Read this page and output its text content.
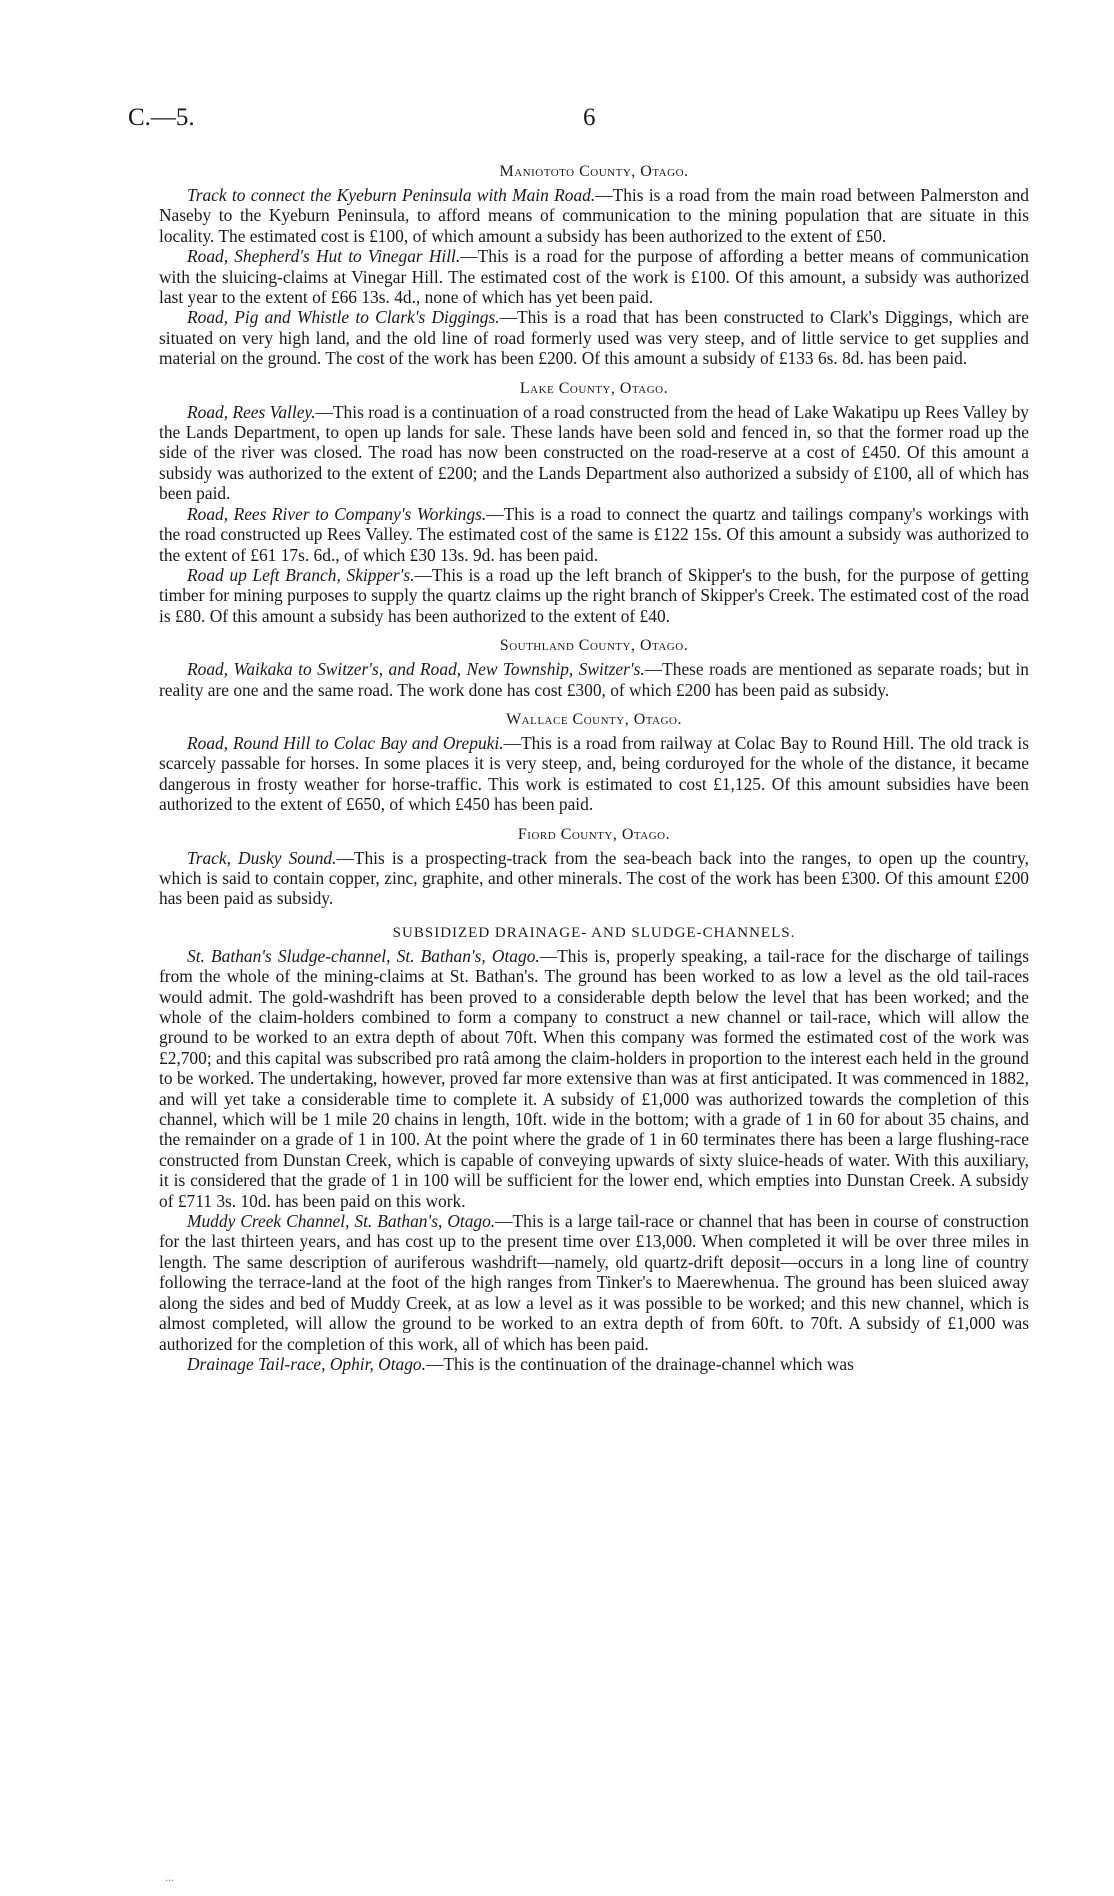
C.—5.	6
Maniototo County, Otago.

Track to connect the Kyeburn Peninsula with Main Road.—This is a road from the main road between Palmerston and Naseby to the Kyeburn Peninsula, to afford means of communication to the mining population that are situate in this locality. The estimated cost is £100, of which amount a subsidy has been authorized to the extent of £50.

Road, Shepherd's Hut to Vinegar Hill.—This is a road for the purpose of affording a better means of communication with the sluicing-claims at Vinegar Hill. The estimated cost of the work is £100. Of this amount, a subsidy was authorized last year to the extent of £66 13s. 4d., none of which has yet been paid.

Road, Pig and Whistle to Clark's Diggings.—This is a road that has been constructed to Clark's Diggings, which are situated on very high land, and the old line of road formerly used was very steep, and of little service to get supplies and material on the ground. The cost of the work has been £200. Of this amount a subsidy of £133 6s. 8d. has been paid.

Lake County, Otago.

Road, Rees Valley.—This road is a continuation of a road constructed from the head of Lake Wakatipu up Rees Valley by the Lands Department, to open up lands for sale. These lands have been sold and fenced in, so that the former road up the side of the river was closed. The road has now been constructed on the road-reserve at a cost of £450. Of this amount a subsidy was authorized to the extent of £200; and the Lands Department also authorized a subsidy of £100, all of which has been paid.

Road, Rees River to Company's Workings.—This is a road to connect the quartz and tailings company's workings with the road constructed up Rees Valley. The estimated cost of the same is £122 15s. Of this amount a subsidy was authorized to the extent of £61 17s. 6d., of which £30 13s. 9d. has been paid.

Road up Left Branch, Skipper's.—This is a road up the left branch of Skipper's to the bush, for the purpose of getting timber for mining purposes to supply the quartz claims up the right branch of Skipper's Creek. The estimated cost of the road is £80. Of this amount a subsidy has been authorized to the extent of £40.

Southland County, Otago.

Road, Waikaka to Switzer's, and Road, New Township, Switzer's.—These roads are mentioned as separate roads; but in reality are one and the same road. The work done has cost £300, of which £200 has been paid as subsidy.

Wallace County, Otago.

Road, Round Hill to Colac Bay and Orepuki.—This is a road from railway at Colac Bay to Round Hill. The old track is scarcely passable for horses. In some places it is very steep, and, being corduroyed for the whole of the distance, it became dangerous in frosty weather for horse-traffic. This work is estimated to cost £1,125. Of this amount subsidies have been authorized to the extent of £650, of which £450 has been paid.

Fiord County, Otago.

Track, Dusky Sound.—This is a prospecting-track from the sea-beach back into the ranges, to open up the country, which is said to contain copper, zinc, graphite, and other minerals. The cost of the work has been £300. Of this amount £200 has been paid as subsidy.

SUBSIDIZED DRAINAGE- AND SLUDGE-CHANNELS.

St. Bathan's Sludge-channel, St. Bathan's, Otago.—This is, properly speaking, a tail-race for the discharge of tailings from the whole of the mining-claims at St. Bathan's. The ground has been worked to as low a level as the old tail-races would admit. The gold-washdrift has been proved to a considerable depth below the level that has been worked; and the whole of the claim-holders combined to form a company to construct a new channel or tail-race, which will allow the ground to be worked to an extra depth of about 70ft. When this company was formed the estimated cost of the work was £2,700; and this capital was subscribed pro ratâ among the claim-holders in proportion to the interest each held in the ground to be worked. The undertaking, however, proved far more extensive than was at first anticipated. It was commenced in 1882, and will yet take a considerable time to complete it. A subsidy of £1,000 was authorized towards the completion of this channel, which will be 1 mile 20 chains in length, 10ft. wide in the bottom; with a grade of 1 in 60 for about 35 chains, and the remainder on a grade of 1 in 100. At the point where the grade of 1 in 60 terminates there has been a large flushing-race constructed from Dunstan Creek, which is capable of conveying upwards of sixty sluice-heads of water. With this auxiliary, it is considered that the grade of 1 in 100 will be sufficient for the lower end, which empties into Dunstan Creek. A subsidy of £711 3s. 10d. has been paid on this work.

Muddy Creek Channel, St. Bathan's, Otago.—This is a large tail-race or channel that has been in course of construction for the last thirteen years, and has cost up to the present time over £13,000. When completed it will be over three miles in length. The same description of auriferous washdrift—namely, old quartz-drift deposit—occurs in a long line of country following the terrace-land at the foot of the high ranges from Tinker's to Maerewhenua. The ground has been sluiced away along the sides and bed of Muddy Creek, at as low a level as it was possible to be worked; and this new channel, which is almost completed, will allow the ground to be worked to an extra depth of from 60ft. to 70ft. A subsidy of £1,000 was authorized for the completion of this work, all of which has been paid.

Drainage Tail-race, Ophir, Otago.—This is the continuation of the drainage-channel which was

...
